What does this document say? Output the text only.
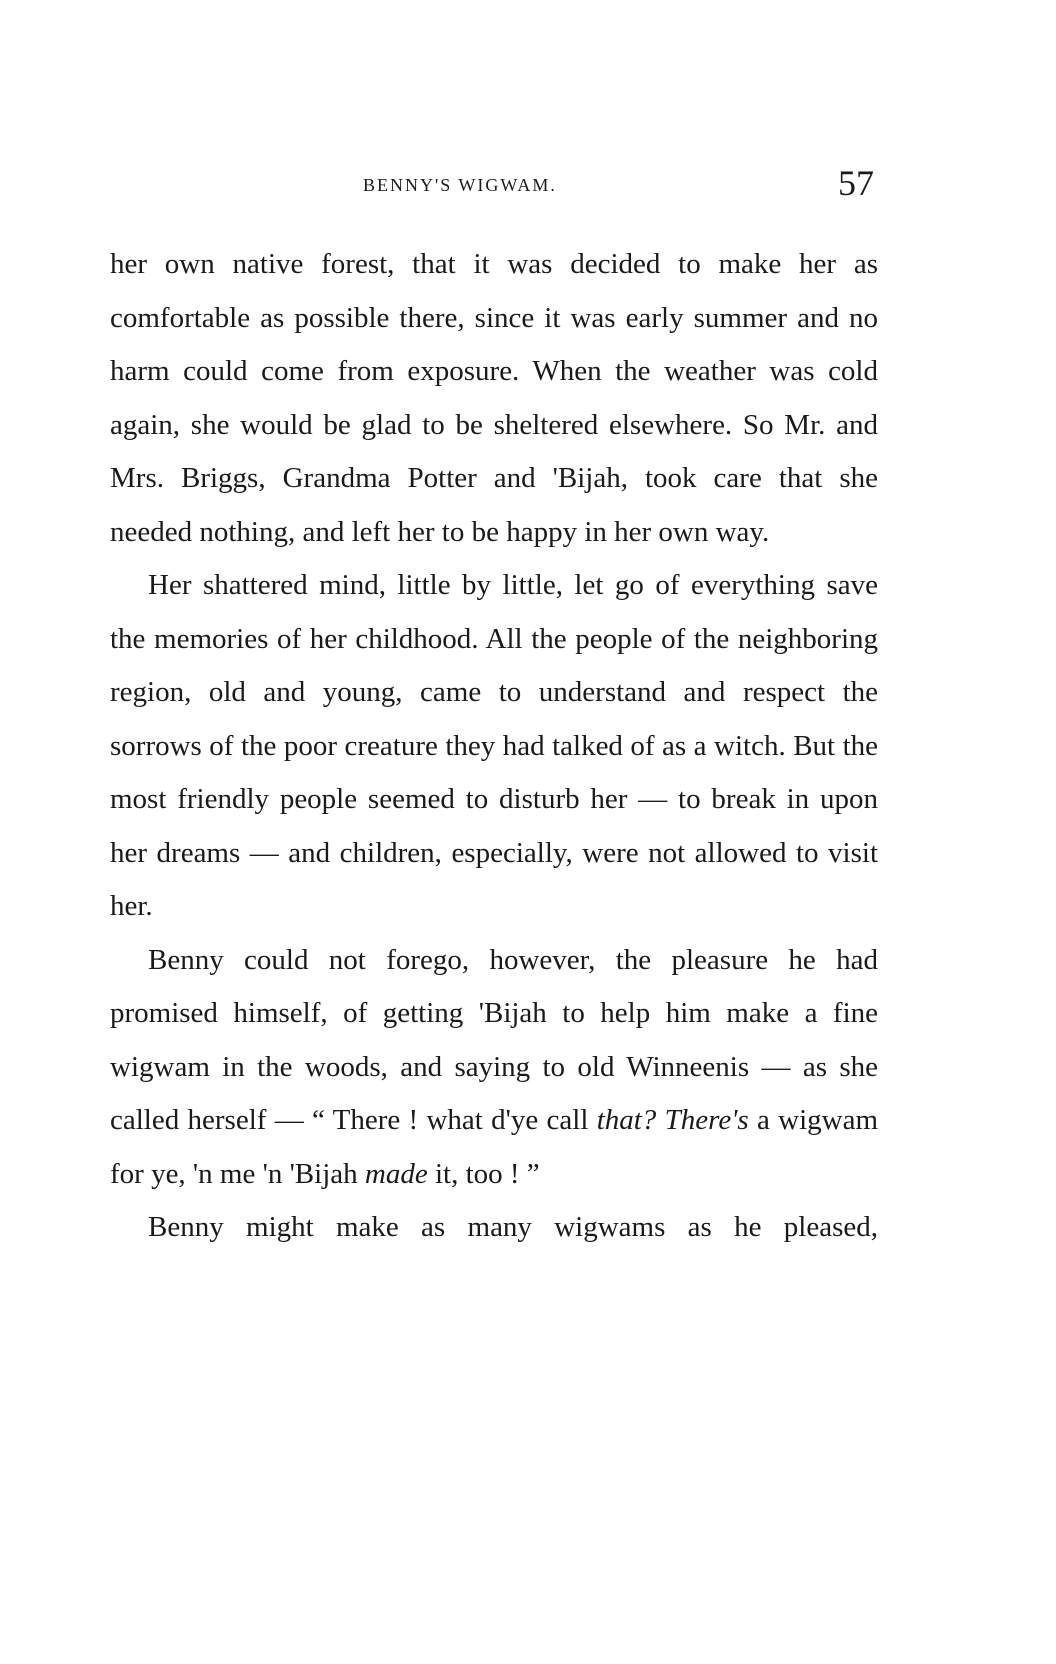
BENNY'S WIGWAM.	57

her own native forest, that it was decided to make her as comfortable as possible there, since it was early summer and no harm could come from exposure. When the weather was cold again, she would be glad to be sheltered elsewhere. So Mr. and Mrs. Briggs, Grandma Potter and 'Bijah, took care that she needed nothing, and left her to be happy in her own way.

Her shattered mind, little by little, let go of everything save the memories of her childhood. All the people of the neighboring region, old and young, came to understand and respect the sorrows of the poor creature they had talked of as a witch. But the most friendly people seemed to disturb her — to break in upon her dreams — and children, especially, were not allowed to visit her.

Benny could not forego, however, the pleasure he had promised himself, of getting 'Bijah to help him make a fine wigwam in the woods, and saying to old Winneenis — as she called herself — “ There ! what d'ye call that? There's a wigwam for ye, 'n me 'n 'Bijah made it, too ! ”

Benny might make as many wigwams as he pleased,
